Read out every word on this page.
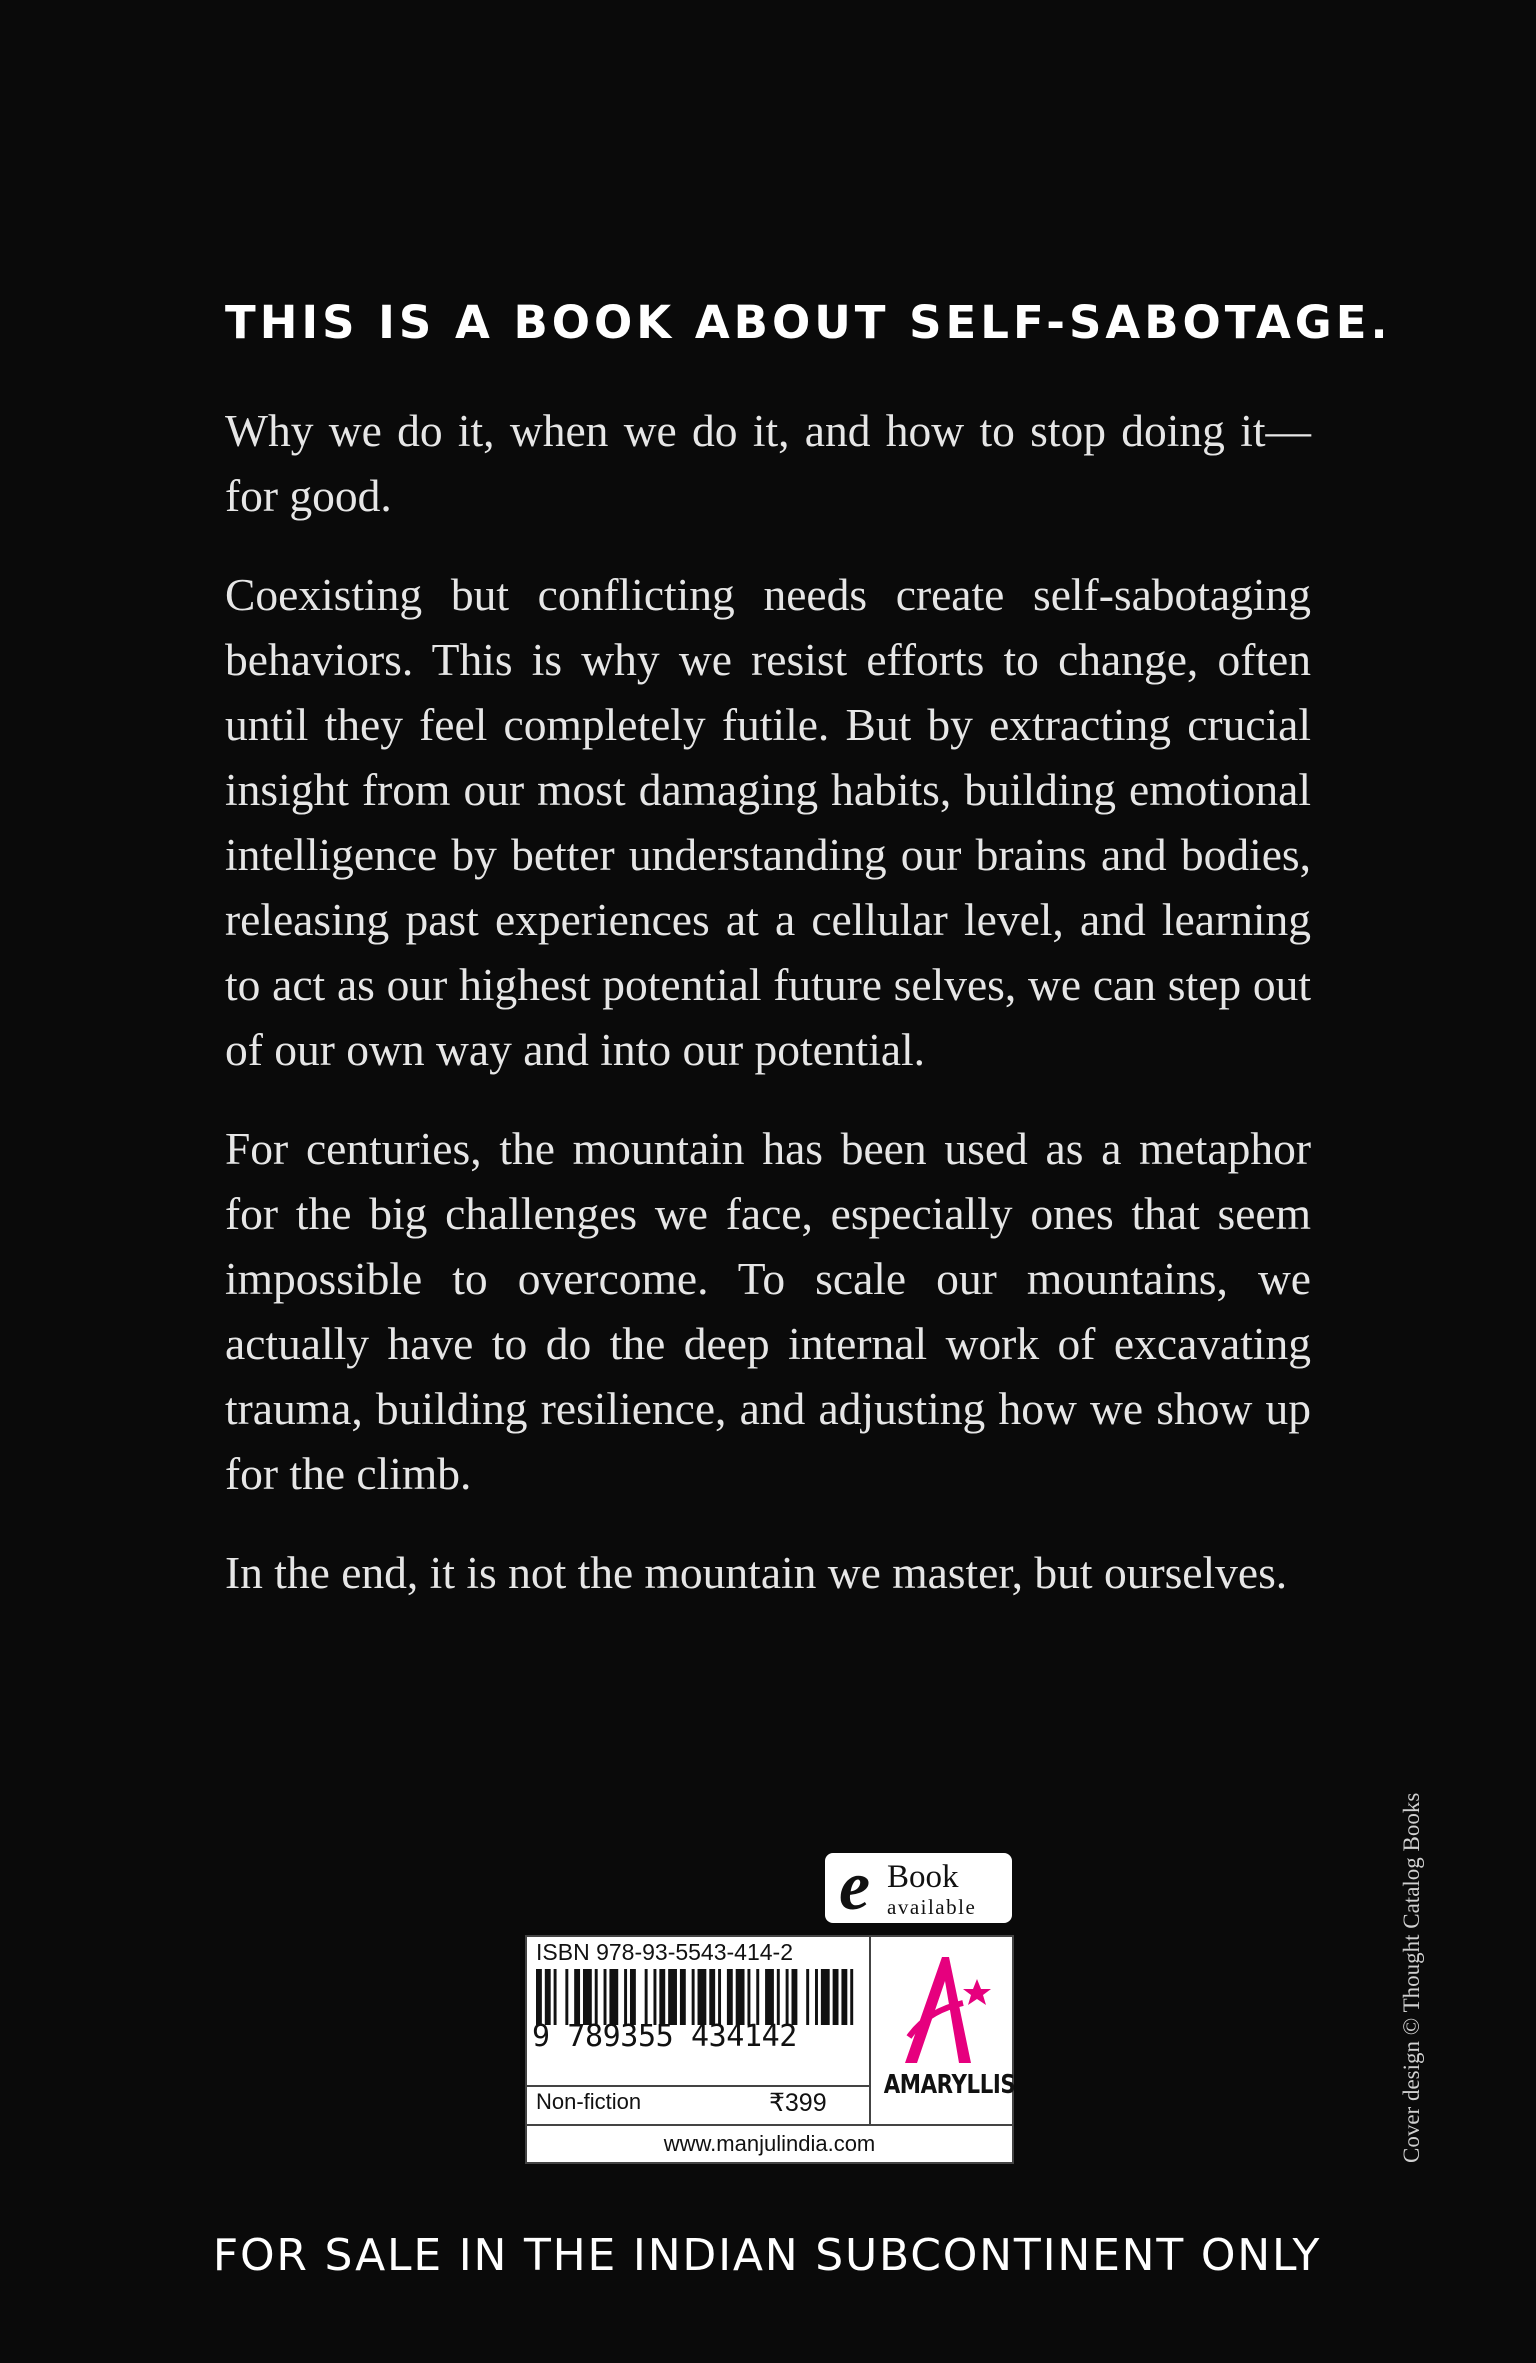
THIS IS A BOOK ABOUT SELF-SABOTAGE.

Why we do it, when we do it, and how to stop doing it— for good.

Coexisting but conflicting needs create self-sabotaging behaviors. This is why we resist efforts to change, often until they feel completely futile. But by extracting crucial insight from our most damaging habits, building emotional intelligence by better understanding our brains and bodies, releasing past experiences at a cellular level, and learning to act as our highest potential future selves, we can step out of our own way and into our potential.

For centuries, the mountain has been used as a metaphor for the big challenges we face, especially ones that seem impossible to overcome. To scale our mountains, we actually have to do the deep internal work of excavating trauma, building resilience, and adjusting how we show up for the climb.

In the end, it is not the mountain we master, but ourselves.

Cover design © Thought Catalog Books
e Book
available
ISBN 978-93-5543-414-2
9 789355 434142
Non-fiction	₹399
AMARYLLIS
www.manjulindia.com
FOR SALE IN THE INDIAN SUBCONTINENT ONLY
